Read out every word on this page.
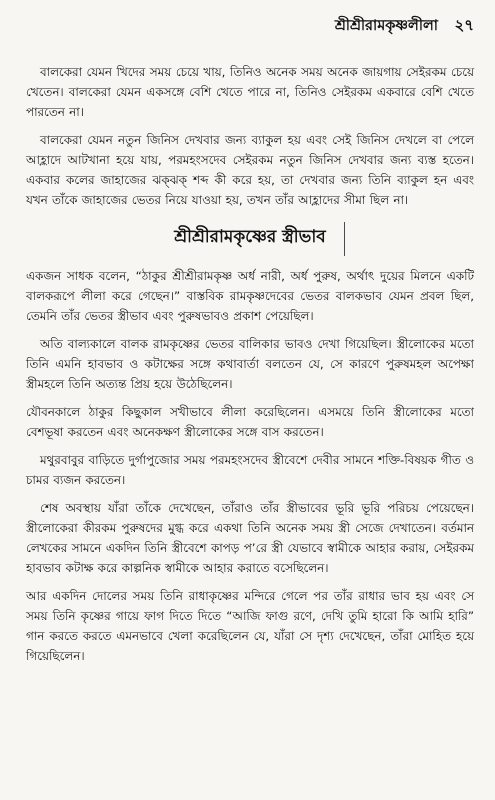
শ্রীশ্রীরামকৃষ্ণলীলা ২৭

বালকেরা যেমন খিদের সময় চেয়ে খায়, তিনিও অনেক সময় অনেক জায়গায় সেইরকম চেয়ে খেতেন। বালকেরা যেমন একসঙ্গে বেশি খেতে পারে না, তিনিও সেইরকম একবারে বেশি খেতে পারতেন না।

বালকেরা যেমন নতুন জিনিস দেখবার জন্য ব্যাকুল হয় এবং সেই জিনিস দেখলে বা পেলে আহ্লাদে আটখানা হয়ে যায়, পরমহংসদেব সেইরকম নতুন জিনিস দেখবার জন্য ব্যস্ত হতেন। একবার কলের জাহাজের ঝক্‌ঝক্‌ শব্দ কী করে হয়, তা দেখবার জন্য তিনি ব্যাকুল হন এবং যখন তাঁকে জাহাজের ভেতর নিয়ে যাওয়া হয়, তখন তাঁর আহ্লাদের সীমা ছিল না।

শ্রীশ্রীরামকৃষ্ণের স্ত্রীভাব

একজন সাধক বলেন, “ঠাকুর শ্রীশ্রীরামকৃষ্ণ অর্ধ নারী, অর্ধ পুরুষ, অর্থাৎ দুয়ের মিলনে একটি বালকরূপে লীলা করে গেছেন।” বাস্তবিক রামকৃষ্ণদেবের ভেতর বালকভাব যেমন প্রবল ছিল, তেমনি তাঁর ভেতর স্ত্রীভাব এবং পুরুষভাবও প্রকাশ পেয়েছিল।

অতি বাল্যকালে বালক রামকৃষ্ণের ভেতর বালিকার ভাবও দেখা গিয়েছিল। স্ত্রীলোকের মতো তিনি এমনি হাবভাব ও কটাক্ষের সঙ্গে কথাবার্তা বলতেন যে, সে কারণে পুরুষমহল অপেক্ষা স্ত্রীমহলে তিনি অত্যন্ত প্রিয় হয়ে উঠেছিলেন।

যৌবনকালে ঠাকুর কিছুকাল সখীভাবে লীলা করেছিলেন। এসময়ে তিনি স্ত্রীলোকের মতো বেশভূষা করতেন এবং অনেকক্ষণ স্ত্রীলোকের সঙ্গে বাস করতেন।

মথুরবাবুর বাড়িতে দুর্গাপুজোর সময় পরমহংসদেব স্ত্রীবেশে দেবীর সামনে শক্তি-বিষয়ক গীত ও চামর ব্যজন করতেন।

শেষ অবস্থায় যাঁরা তাঁকে দেখেছেন, তাঁরাও তাঁর স্ত্রীভাবের ভূরি ভূরি পরিচয় পেয়েছেন। স্ত্রীলোকেরা কীরকম পুরুষদের মুগ্ধ করে একথা তিনি অনেক সময় স্ত্রী সেজে দেখাতেন। বর্তমান লেখকের সামনে একদিন তিনি স্ত্রীবেশে কাপড় প’রে স্ত্রী যেভাবে স্বামীকে আহার করায়, সেইরকম হাবভাব কটাক্ষ করে কাল্পনিক স্বামীকে আহার করাতে বসেছিলেন।

আর একদিন দোলের সময় তিনি রাধাকৃষ্ণের মন্দিরে গেলে পর তাঁর রাধার ভাব হয় এবং সে সময় তিনি কৃষ্ণের গায়ে ফাগ দিতে দিতে “আজি ফাগু রণে, দেখি তুমি হারো কি আমি হারি” গান করতে করতে এমনভাবে খেলা করেছিলেন যে, যাঁরা সে দৃশ্য দেখেছেন, তাঁরা মোহিত হয়ে গিয়েছিলেন।
